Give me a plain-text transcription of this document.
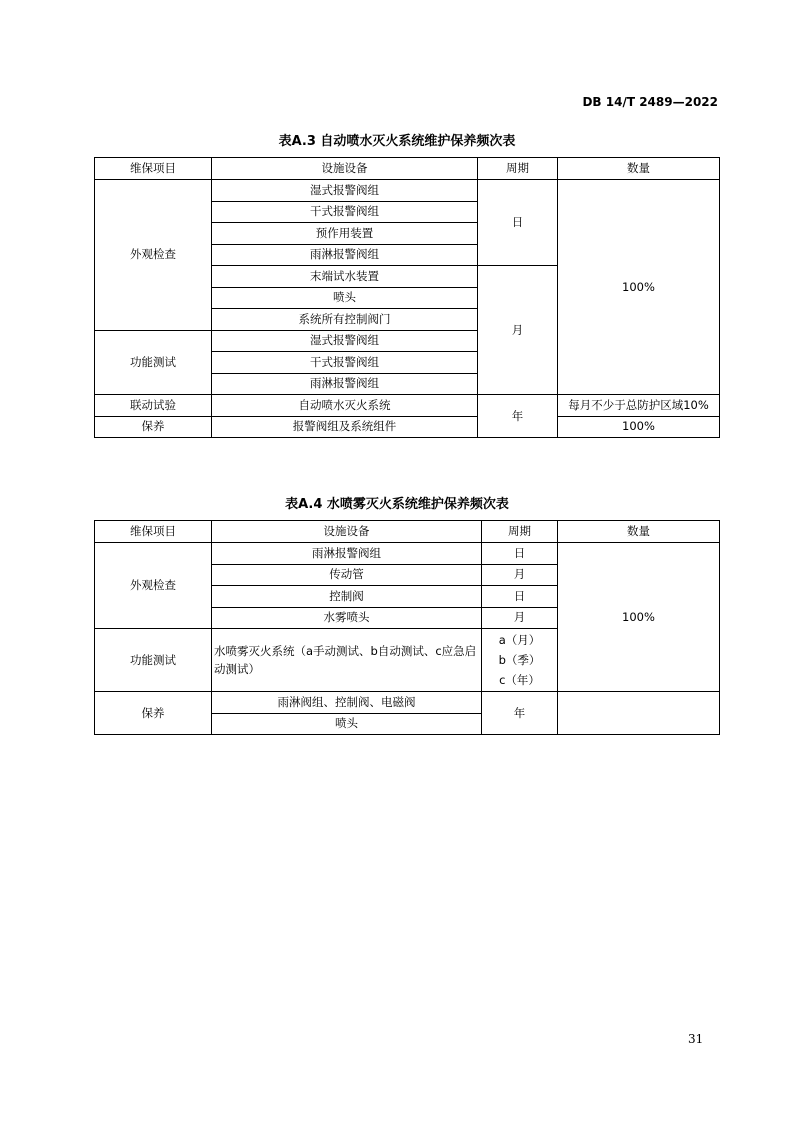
DB 14/T 2489—2022
表A.3 自动喷水灭火系统维护保养频次表
维保项目	设施设备	周期	数量
外观检查	湿式报警阀组	日	100%
	干式报警阀组		
	预作用装置		
	雨淋报警阀组		
	末端试水装置	月	
	喷头		
	系统所有控制阀门		
功能测试	湿式报警阀组		
	干式报警阀组		
	雨淋报警阀组		
联动试验	自动喷水灭火系统	年	每月不少于总防护区域10%
保养	报警阀组及系统组件		100%
表A.4 水喷雾灭火系统维护保养频次表
维保项目	设施设备	周期	数量
外观检查	雨淋报警阀组	日	100%
	传动管	月	
	控制阀	日	
	水雾喷头	月	
功能测试	水喷雾灭火系统（a手动测试、b自动测试、c应急启动测试）	a（月）
b（季）
c（年）	

保养	雨淋阀组、控制阀、电磁阀	年	
	喷头		
31
